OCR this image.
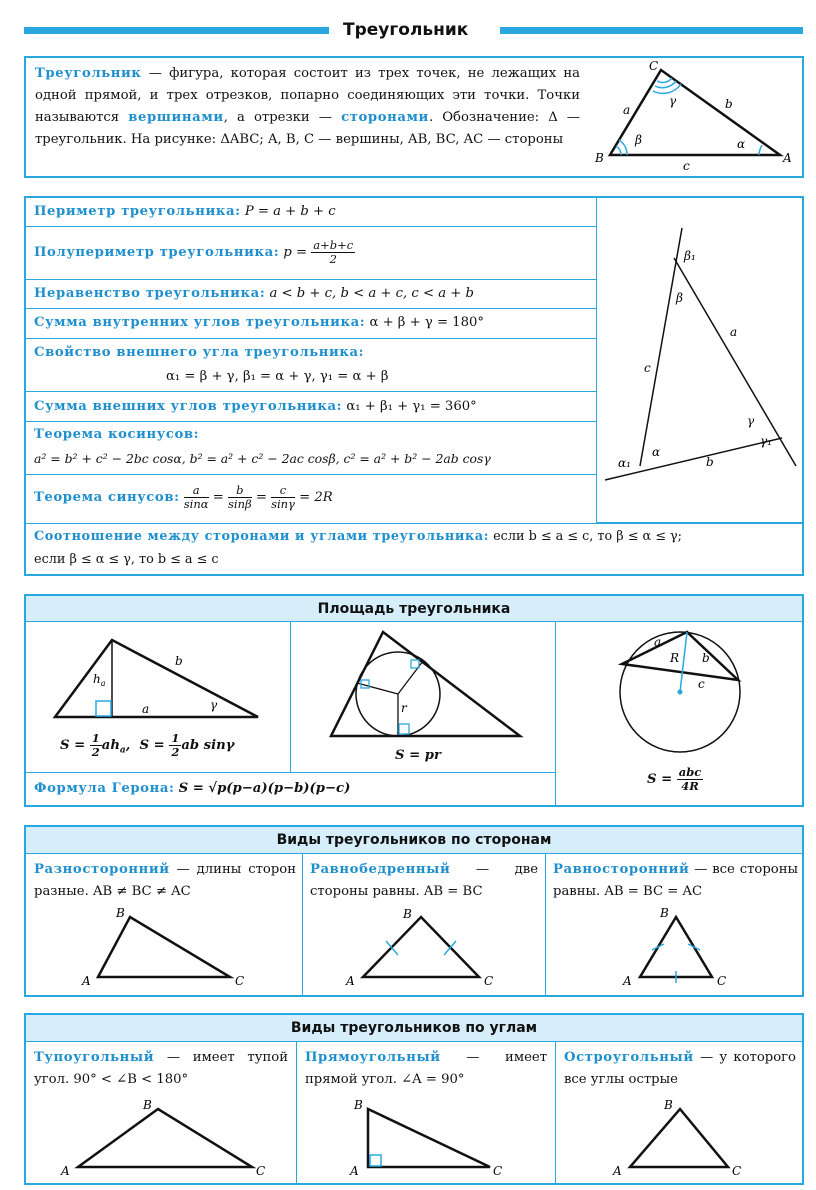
Треугольник
Треугольник — фигура, которая состоит из трех точек, не лежащих на одной прямой, и трех отрезков, попарно соединяющих эти точки. Точки называются вершинами, а отрезки — сторонами. Обозначение: Δ — треугольник. На рисунке: ΔABC; A, B, C — вершины, AB, BC, AC — стороны
B	A
C
a	b
c
β	α
γ
Периметр треугольника: P = a + b + c
Полупериметр треугольника: $p = \frac{a+b+c}{2}$
Неравенство треугольника: a < b + c, b < a + c, c < a + b
Сумма внутренних углов треугольника: α + β + γ = 180°
Свойство внешнего угла треугольника:
α₁ = β + γ, β₁ = α + γ, γ₁ = α + β
Сумма внешних углов треугольника: α₁ + β₁ + γ₁ = 360°
Теорема косинусов:
a² = b² + c² − 2bc cosα, b² = a² + c² − 2ac cosβ, c² = a² + b² − 2ab cosγ
Теорема синусов: $\frac{a}{\sin\alpha} = \frac{b}{\sin\beta} = \frac{c}{\sin\gamma} = 2R$
Соотношение между сторонами и углами треугольника: если b ≤ a ≤ c, то β ≤ α ≤ γ;
если β ≤ α ≤ γ, то b ≤ a ≤ c
β₁
β
a
c
γ
γ₁
α₁
α
b
Площадь треугольника
$h_a$
a
b
γ
$S = \frac{1}{2} ah_a$,  $S = \frac{1}{2}$ ab sinγ
r
S = pr
a
b
c
R
$S = \frac{\text{abc}}{4R}$
Формула Герона: S = √p(p−a)(p−b)(p−c)
Виды треугольников по сторонам
Разносторонний — длины сторон разные. AB ≠ BC ≠ AC
Равнобедренный — две стороны равны. AB = BC
Равносторонний — все стороны равны. AB = BC = AC
A	C
B
A	C
B
A	C
B
Виды треугольников по углам
Тупоугольный — имеет тупой угол. 90° < ∠B < 180°
Прямоугольный — имеет прямой угол. ∠A = 90°
Остроугольный — у которого все углы острые
A	C
B
A	C
B
A	C
B
